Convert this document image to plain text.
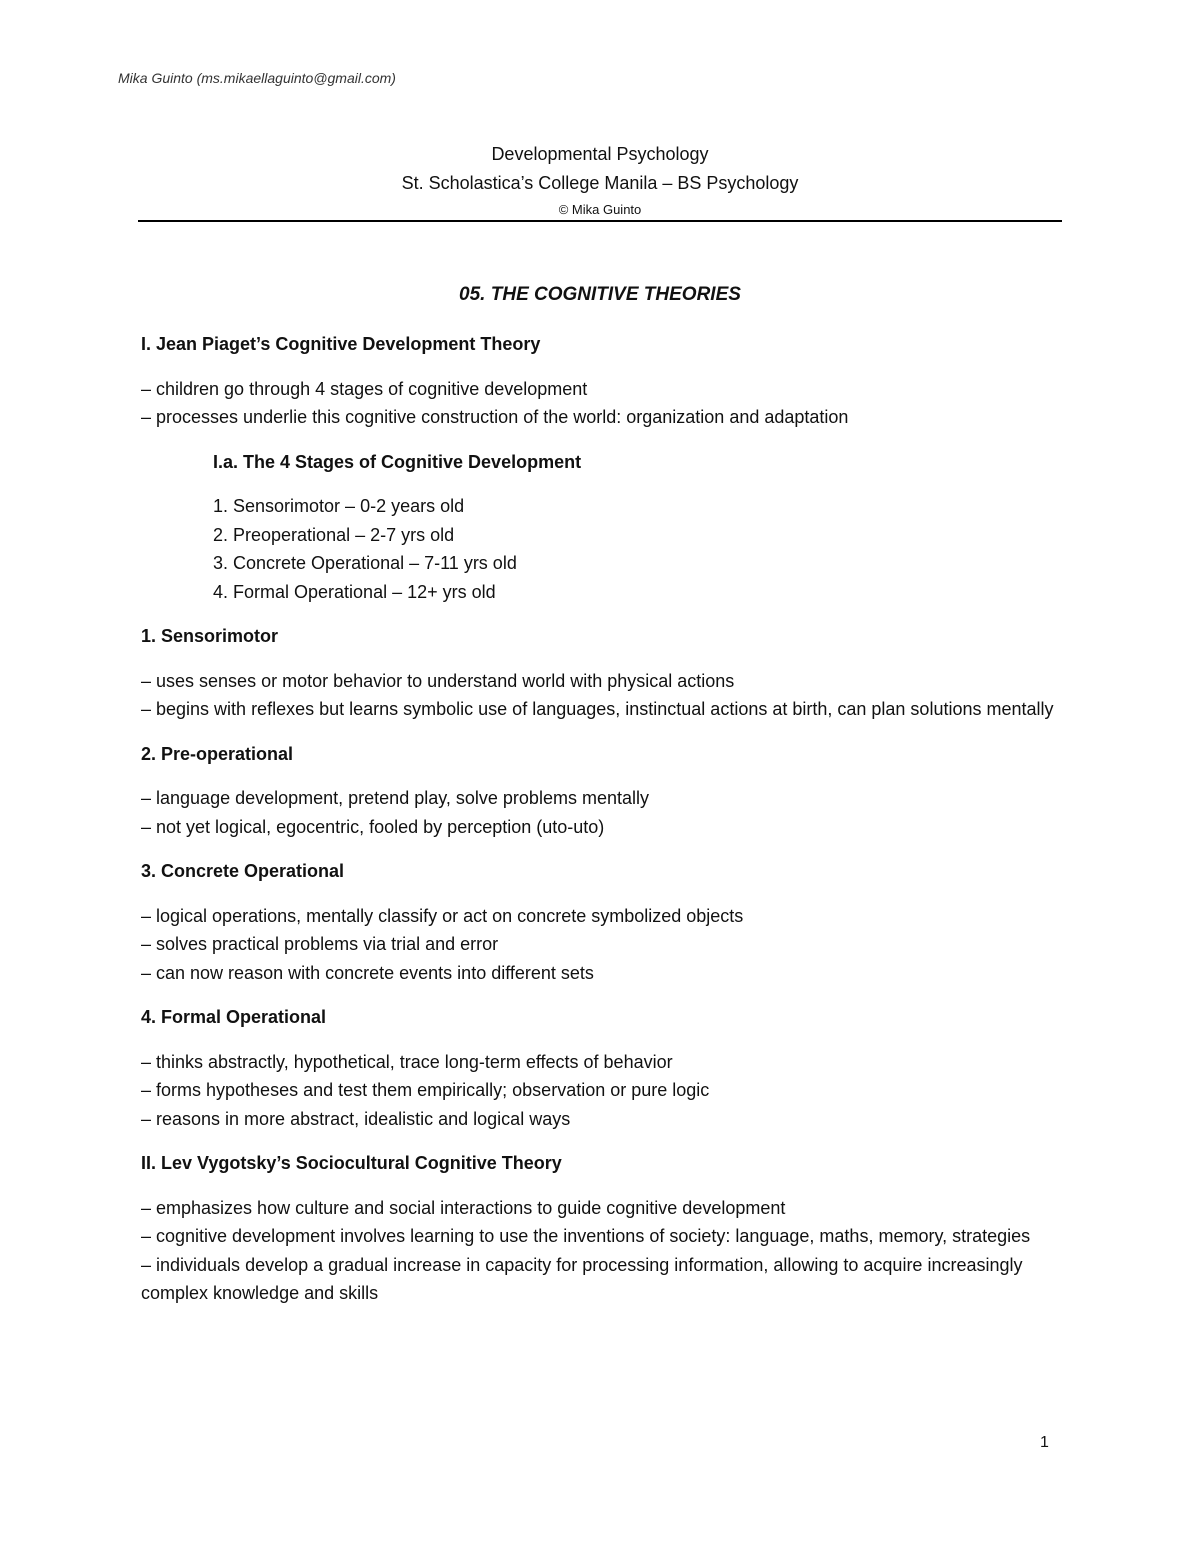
Mika Guinto (ms.mikaellaguinto@gmail.com)

Developmental Psychology

St. Scholastica’s College Manila – BS Psychology

© Mika Guinto

05. THE COGNITIVE THEORIES

I. Jean Piaget’s Cognitive Development Theory

– children go through 4 stages of cognitive development

– processes underlie this cognitive construction of the world: organization and adaptation

I.a. The 4 Stages of Cognitive Development

1. Sensorimotor – 0-2 years old

2. Preoperational – 2-7 yrs old

3. Concrete Operational – 7-11 yrs old

4. Formal Operational – 12+ yrs old

1. Sensorimotor

– uses senses or motor behavior to understand world with physical actions

– begins with reflexes but learns symbolic use of languages, instinctual actions at birth, can plan solutions mentally

2. Pre-operational

– language development, pretend play, solve problems mentally

– not yet logical, egocentric, fooled by perception (uto-uto)

3. Concrete Operational

– logical operations, mentally classify or act on concrete symbolized objects

– solves practical problems via trial and error

– can now reason with concrete events into different sets

4. Formal Operational

– thinks abstractly, hypothetical, trace long-term effects of behavior

– forms hypotheses and test them empirically; observation or pure logic

– reasons in more abstract, idealistic and logical ways

II. Lev Vygotsky’s Sociocultural Cognitive Theory

– emphasizes how culture and social interactions to guide cognitive development

– cognitive development involves learning to use the inventions of society: language, maths, memory, strategies

– individuals develop a gradual increase in capacity for processing information, allowing to acquire increasingly complex knowledge and skills

1
